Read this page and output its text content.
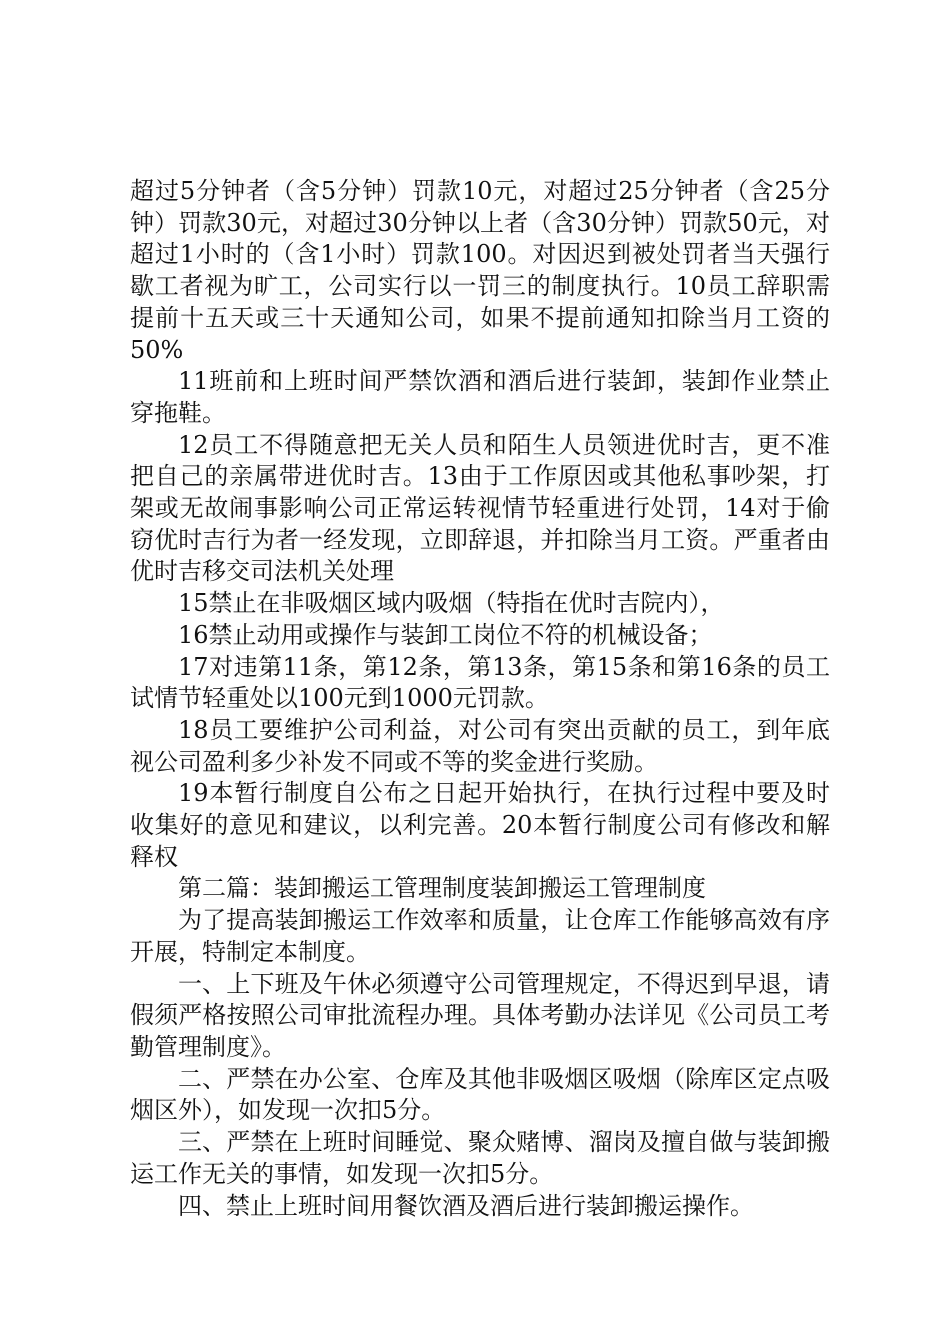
超过5分钟者（含5分钟）罚款10元，对超过25分钟者（含25分钟）罚款30元，对超过30分钟以上者（含30分钟）罚款50元，对超过1小时的（含1小时）罚款100。对因迟到被处罚者当天强行歇工者视为旷工，公司实行以一罚三的制度执行。10员工辞职需提前十五天或三十天通知公司，如果不提前通知扣除当月工资的50%

11班前和上班时间严禁饮酒和酒后进行装卸，装卸作业禁止穿拖鞋。

12员工不得随意把无关人员和陌生人员领进优时吉，更不准把自己的亲属带进优时吉。13由于工作原因或其他私事吵架，打架或无故闹事影响公司正常运转视情节轻重进行处罚，14对于偷窃优时吉行为者一经发现，立即辞退，并扣除当月工资。严重者由优时吉移交司法机关处理

15禁止在非吸烟区域内吸烟（特指在优时吉院内），

16禁止动用或操作与装卸工岗位不符的机械设备；

17对违第11条，第12条，第13条，第15条和第16条的员工试情节轻重处以100元到1000元罚款。

18员工要维护公司利益，对公司有突出贡献的员工，到年底视公司盈利多少补发不同或不等的奖金进行奖励。

19本暂行制度自公布之日起开始执行，在执行过程中要及时收集好的意见和建议，以利完善。20本暂行制度公司有修改和解释权

第二篇：装卸搬运工管理制度装卸搬运工管理制度

为了提高装卸搬运工作效率和质量，让仓库工作能够高效有序开展，特制定本制度。

一、上下班及午休必须遵守公司管理规定，不得迟到早退，请假须严格按照公司审批流程办理。具体考勤办法详见《公司员工考勤管理制度》。

二、严禁在办公室、仓库及其他非吸烟区吸烟（除库区定点吸烟区外），如发现一次扣5分。

三、严禁在上班时间睡觉、聚众赌博、溜岗及擅自做与装卸搬运工作无关的事情，如发现一次扣5分。

四、禁止上班时间用餐饮酒及酒后进行装卸搬运操作。
